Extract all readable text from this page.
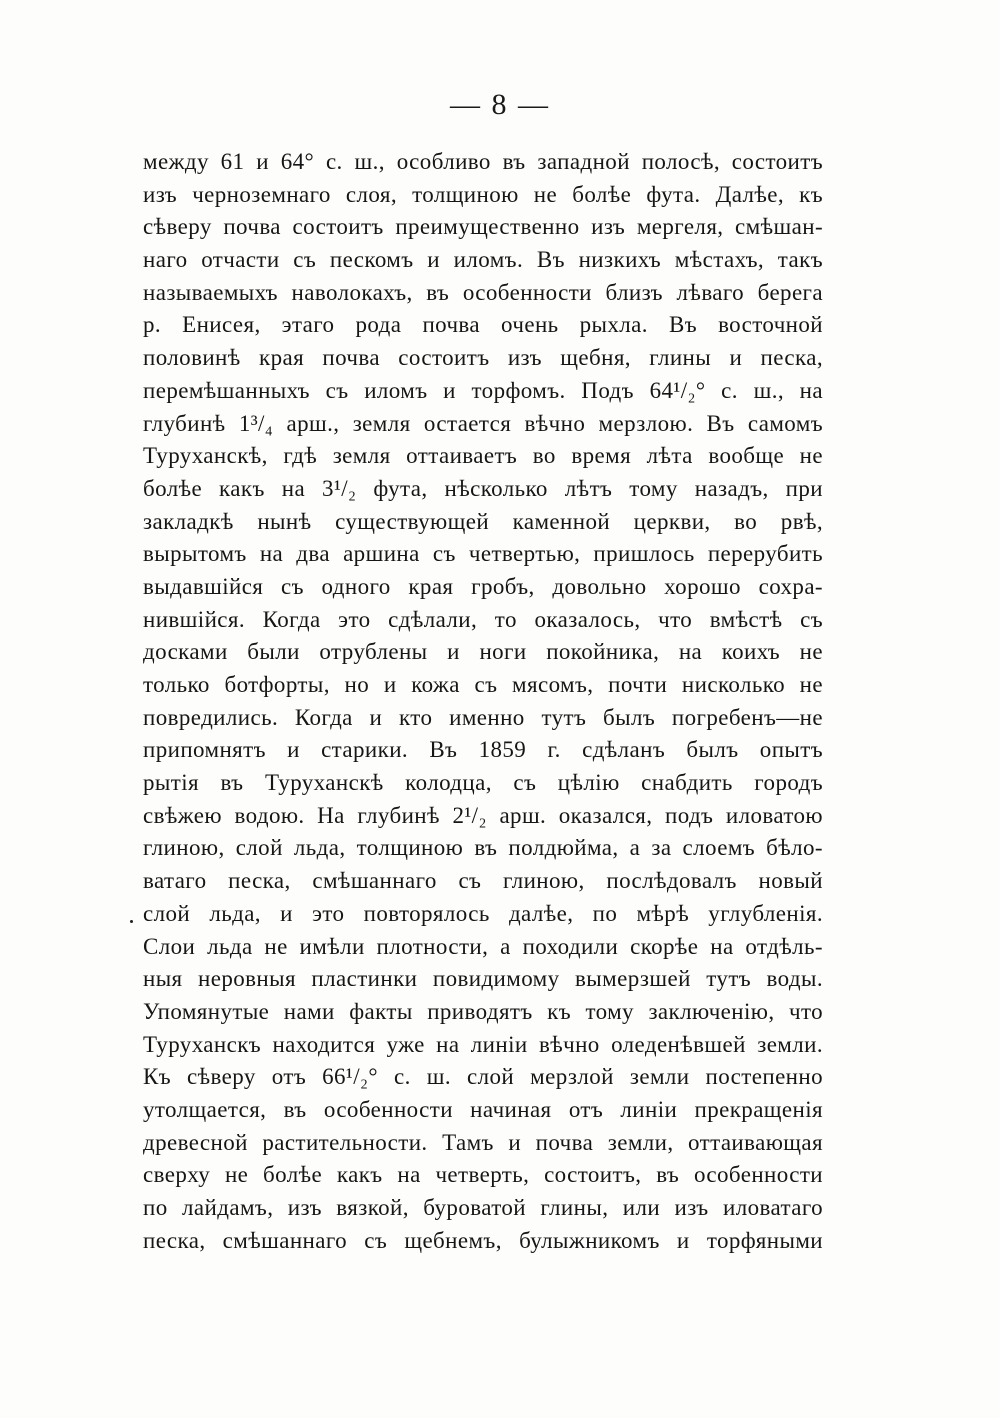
— 8 —
между 61 и 64° с. ш., особливо въ западной полосѣ, состоитъ
изъ черноземнаго слоя, толщиною не болѣе фута. Далѣе, къ
сѣверу почва состоитъ преимущественно изъ мергеля, смѣшан-
наго отчасти съ пескомъ и иломъ. Въ низкихъ мѣстахъ, такъ
называемыхъ наволокахъ, въ особенности близъ лѣваго берега
р. Енисея, этаго рода почва очень рыхла. Въ восточной
половинѣ края почва состоитъ изъ щебня, глины и песка,
перемѣшанныхъ съ иломъ и торфомъ. Подъ 64¹/₂° с. ш., на
глубинѣ 1³/₄ арш., земля остается вѣчно мерзлою. Въ самомъ
Туруханскѣ, гдѣ земля оттаиваетъ во время лѣта вообще не
болѣе какъ на 3¹/₂ фута, нѣсколько лѣтъ тому назадъ, при
закладкѣ нынѣ существующей каменной церкви, во рвѣ,
вырытомъ на два аршина съ четвертью, пришлось перерубить
выдавшійся съ одного края гробъ, довольно хорошо сохра-
нившійся. Когда это сдѣлали, то оказалось, что вмѣстѣ съ
досками были отрублены и ноги покойника, на коихъ не
только ботфорты, но и кожа съ мясомъ, почти нисколько не
повредились. Когда и кто именно тутъ былъ погребенъ—не
припомнятъ и старики. Въ 1859 г. сдѣланъ былъ опытъ
рытія въ Туруханскѣ колодца, съ цѣлію снабдить городъ
свѣжею водою. На глубинѣ 2¹/₂ арш. оказался, подъ иловатою
глиною, слой льда, толщиною въ полдюйма, а за слоемъ бѣло-
ватаго песка, смѣшаннаго съ глиною, послѣдовалъ новый
слой льда, и это повторялось далѣе, по мѣрѣ углубленія.
Слои льда не имѣли плотности, а походили скорѣе на отдѣль-
ныя неровныя пластинки повидимому вымерзшей тутъ воды.
Упомянутые нами факты приводятъ къ тому заключенію, что
Туруханскъ находится уже на линіи вѣчно оледенѣвшей земли.
Къ сѣверу отъ 66¹/₂° с. ш. слой мерзлой земли постепенно
утолщается, въ особенности начиная отъ линіи прекращенія
древесной растительности. Тамъ и почва земли, оттаивающая
сверху не болѣе какъ на четверть, состоитъ, въ особенности
по лайдамъ, изъ вязкой, буроватой глины, или изъ иловатаго
песка, смѣшаннаго съ щебнемъ, булыжникомъ и торфяными
